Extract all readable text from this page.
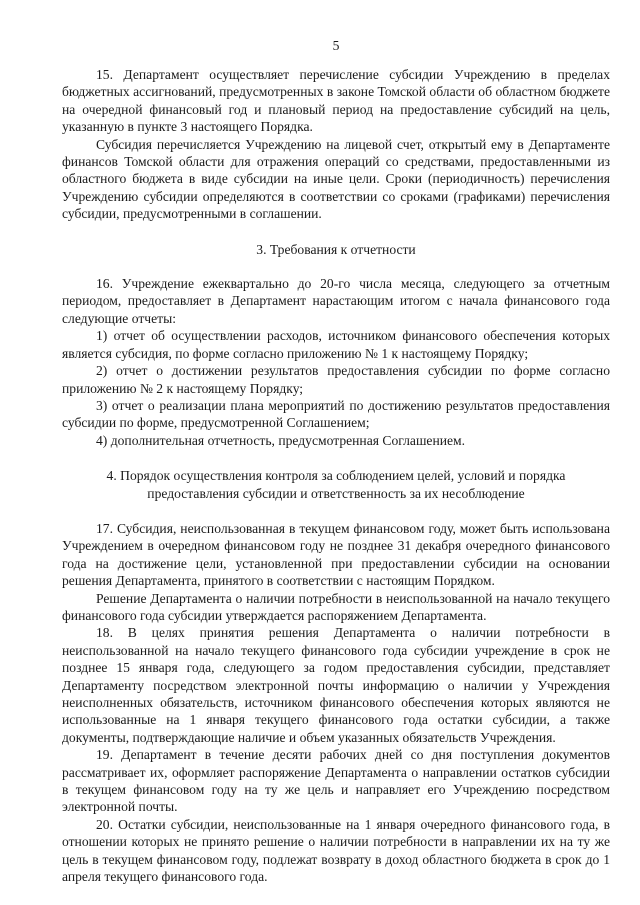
5

15. Департамент осуществляет перечисление субсидии Учреждению в пределах бюджетных ассигнований, предусмотренных в законе Томской области об областном бюджете на очередной финансовый год и плановый период на предоставление субсидий на цель, указанную в пункте 3 настоящего Порядка.

Субсидия перечисляется Учреждению на лицевой счет, открытый ему в Департаменте финансов Томской области для отражения операций со средствами, предоставленными из областного бюджета в виде субсидии на иные цели. Сроки (периодичность) перечисления Учреждению субсидии определяются в соответствии со сроками (графиками) перечисления субсидии, предусмотренными в соглашении.

3. Требования к отчетности

16. Учреждение ежеквартально до 20-го числа месяца, следующего за отчетным периодом, предоставляет в Департамент нарастающим итогом с начала финансового года следующие отчеты:

1) отчет об осуществлении расходов, источником финансового обеспечения которых является субсидия, по форме согласно приложению № 1 к настоящему Порядку;

2) отчет о достижении результатов предоставления субсидии по форме согласно приложению № 2 к настоящему Порядку;

3) отчет о реализации плана мероприятий по достижению результатов предоставления субсидии по форме, предусмотренной Соглашением;

4) дополнительная отчетность, предусмотренная Соглашением.

4. Порядок осуществления контроля за соблюдением целей, условий и порядка предоставления субсидии и ответственность за их несоблюдение

17. Субсидия, неиспользованная в текущем финансовом году, может быть использована Учреждением в очередном финансовом году не позднее 31 декабря очередного финансового года на достижение цели, установленной при предоставлении субсидии на основании решения Департамента, принятого в соответствии с настоящим Порядком.

Решение Департамента о наличии потребности в неиспользованной на начало текущего финансового года субсидии утверждается распоряжением Департамента.

18. В целях принятия решения Департамента о наличии потребности в неиспользованной на начало текущего финансового года субсидии учреждение в срок не позднее 15 января года, следующего за годом предоставления субсидии, представляет Департаменту посредством электронной почты информацию о наличии у Учреждения неисполненных обязательств, источником финансового обеспечения которых являются не использованные на 1 января текущего финансового года остатки субсидии, а также документы, подтверждающие наличие и объем указанных обязательств Учреждения.

19. Департамент в течение десяти рабочих дней со дня поступления документов рассматривает их, оформляет распоряжение Департамента о направлении остатков субсидии в текущем финансовом году на ту же цель и направляет его Учреждению посредством электронной почты.

20. Остатки субсидии, неиспользованные на 1 января очередного финансового года, в отношении которых не принято решение о наличии потребности в направлении их на ту же цель в текущем финансовом году, подлежат возврату в доход областного бюджета в срок до 1 апреля текущего финансового года.
